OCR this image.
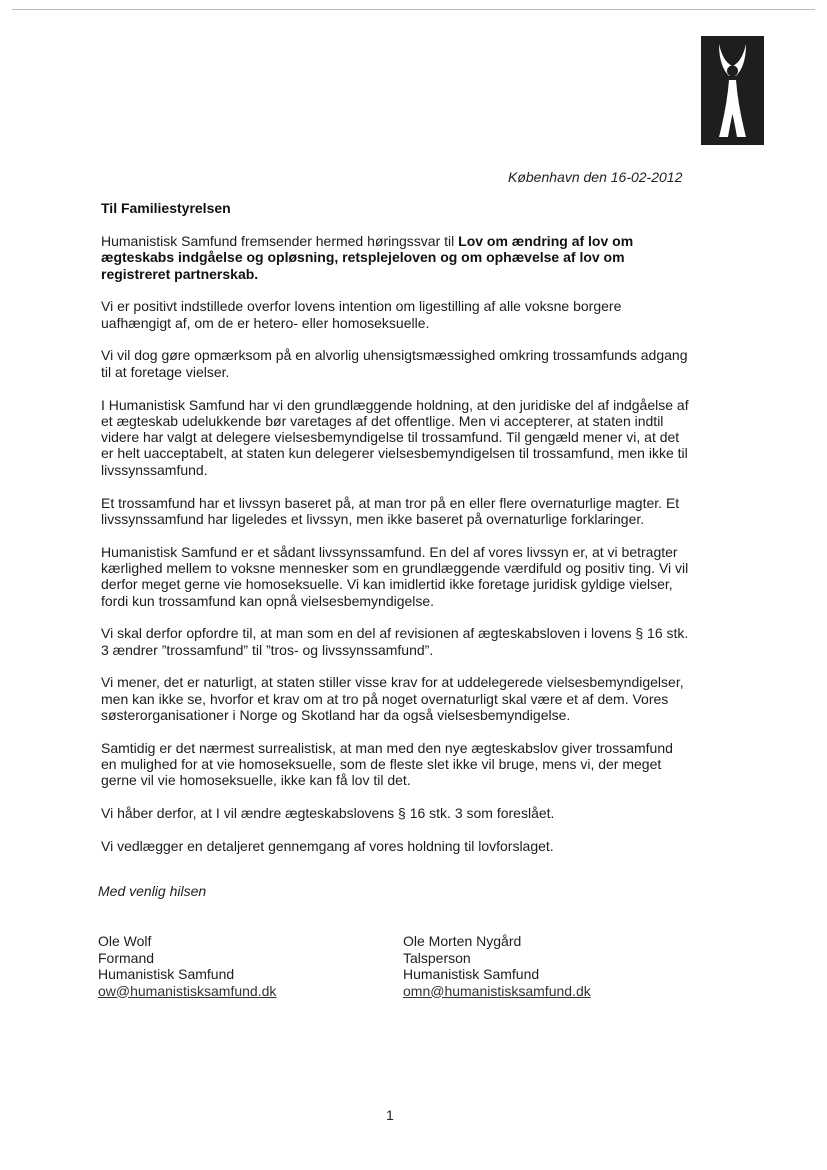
København den 16-02-2012
Til Familiestyrelsen

Humanistisk Samfund fremsender hermed høringssvar til Lov om ændring af lov om ægteskabs indgåelse og opløsning, retsplejeloven og om ophævelse af lov om registreret partnerskab.

Vi er positivt indstillede overfor lovens intention om ligestilling af alle voksne borgere uafhængigt af, om de er hetero- eller homoseksuelle.

Vi vil dog gøre opmærksom på en alvorlig uhensigtsmæssighed omkring trossamfunds adgang til at foretage vielser.

I Humanistisk Samfund har vi den grundlæggende holdning, at den juridiske del af indgåelse af et ægteskab udelukkende bør varetages af det offentlige. Men vi accepterer, at staten indtil videre har valgt at delegere vielsesbemyndigelse til trossamfund. Til gengæld mener vi, at det er helt uacceptabelt, at staten kun delegerer vielsesbemyndigelsen til trossamfund, men ikke til livssynssamfund.

Et trossamfund har et livssyn baseret på, at man tror på en eller flere overnaturlige magter. Et livssynssamfund har ligeledes et livssyn, men ikke baseret på overnaturlige forklaringer.

Humanistisk Samfund er et sådant livssynssamfund. En del af vores livssyn er, at vi betragter kærlighed mellem to voksne mennesker som en grundlæggende værdifuld og positiv ting. Vi vil derfor meget gerne vie homoseksuelle. Vi kan imidlertid ikke foretage juridisk gyldige vielser, fordi kun trossamfund kan opnå vielsesbemyndigelse.

Vi skal derfor opfordre til, at man som en del af revisionen af ægteskabsloven i lovens § 16 stk. 3 ændrer ”trossamfund” til ”tros- og livssynssamfund”.

Vi mener, det er naturligt, at staten stiller visse krav for at uddelegerede vielsesbemyndigelser, men kan ikke se, hvorfor et krav om at tro på noget overnaturligt skal være et af dem. Vores søsterorganisationer i Norge og Skotland har da også vielsesbemyndigelse.

Samtidig er det nærmest surrealistisk, at man med den nye ægteskabslov giver trossamfund en mulighed for at vie homoseksuelle, som de fleste slet ikke vil bruge, mens vi, der meget gerne vil vie homoseksuelle, ikke kan få lov til det.

Vi håber derfor, at I vil ændre ægteskabslovens § 16 stk. 3 som foreslået.

Vi vedlægger en detaljeret gennemgang af vores holdning til lovforslaget.

Med venlig hilsen
Ole Wolf
Formand
Humanistisk Samfund
ow@humanistisksamfund.dk
Ole Morten Nygård
Talsperson
Humanistisk Samfund
omn@humanistisksamfund.dk
1
